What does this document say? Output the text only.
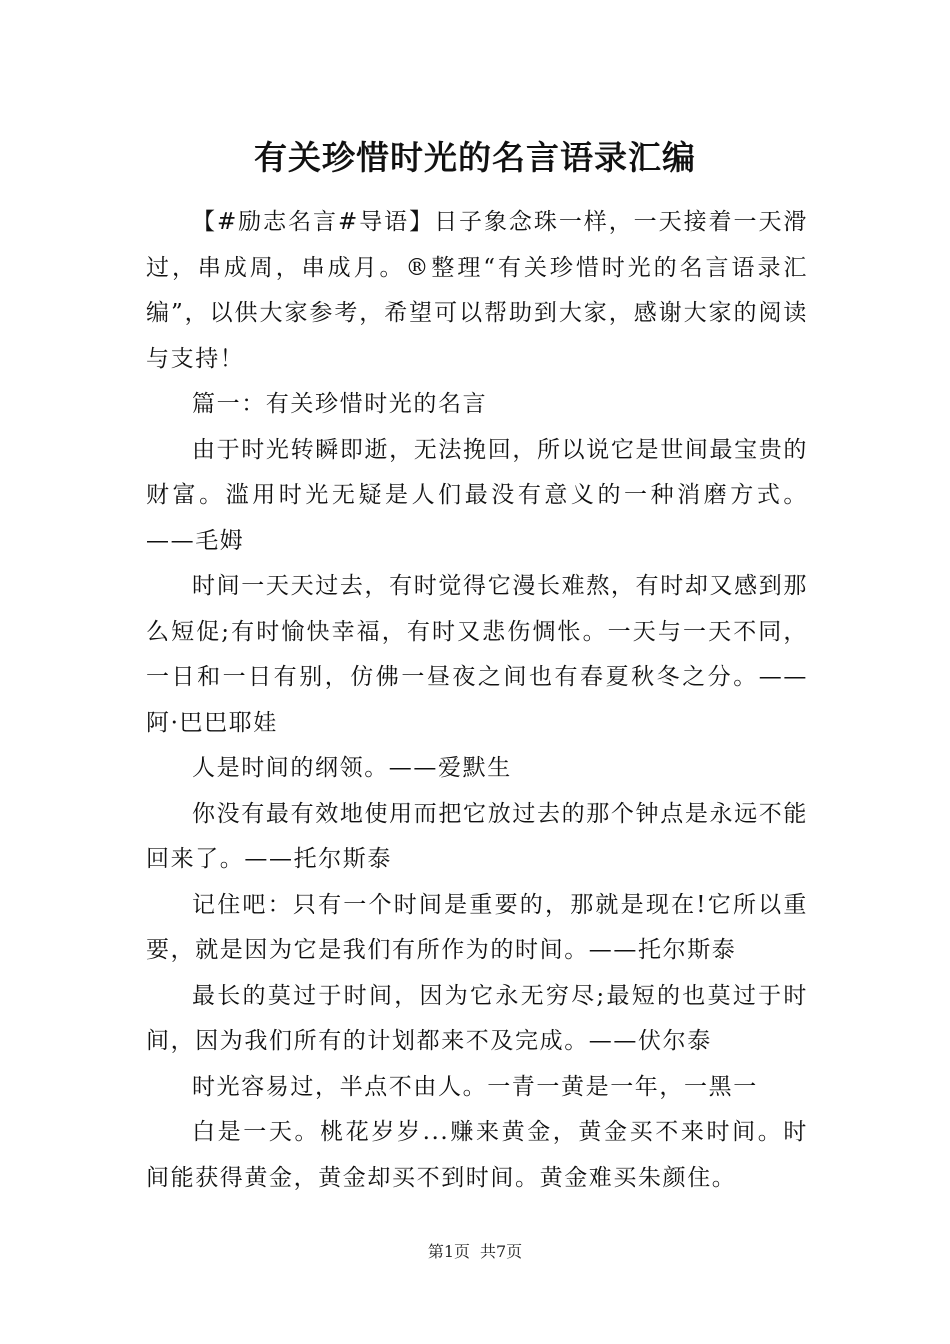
有关珍惜时光的名言语录汇编

【#励志名言#导语】日子象念珠一样，一天接着一天滑过，串成周，串成月。®整理“有关珍惜时光的名言语录汇编”，以供大家参考，希望可以帮助到大家，感谢大家的阅读与支持！

篇一：有关珍惜时光的名言

由于时光转瞬即逝，无法挽回，所以说它是世间最宝贵的财富。滥用时光无疑是人们最没有意义的一种消磨方式。——毛姆

时间一天天过去，有时觉得它漫长难熬，有时却又感到那么短促;有时愉快幸福，有时又悲伤惆怅。一天与一天不同，一日和一日有别，仿佛一昼夜之间也有春夏秋冬之分。——阿·巴巴耶娃

人是时间的纲领。——爱默生

你没有最有效地使用而把它放过去的那个钟点是永远不能回来了。——托尔斯泰

记住吧：只有一个时间是重要的，那就是现在!它所以重要，就是因为它是我们有所作为的时间。——托尔斯泰

最长的莫过于时间，因为它永无穷尽;最短的也莫过于时间，因为我们所有的计划都来不及完成。——伏尔泰

时光容易过，半点不由人。一青一黄是一年，一黑一

白是一天。桃花岁岁...赚来黄金，黄金买不来时间。时间能获得黄金，黄金却买不到时间。黄金难买朱颜住。

第1页 共7页
